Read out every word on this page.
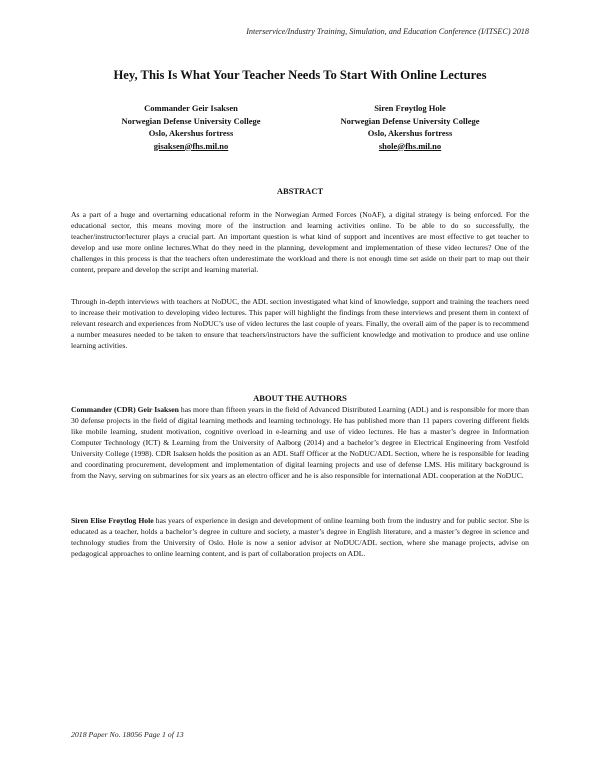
Interservice/Industry Training, Simulation, and Education Conference (I/ITSEC) 2018
Hey, This Is What Your Teacher Needs To Start With Online Lectures
Commander Geir Isaksen
Norwegian Defense University College
Oslo, Akershus fortress
gisaksen@fhs.mil.no
Siren Frøytlog Hole
Norwegian Defense University College
Oslo, Akershus fortress
shole@fhs.mil.no
ABSTRACT

As a part of a huge and overtarning educational reform in the Norwegian Armed Forces (NoAF), a digital strategy is being enforced. For the educational sector, this means moving more of the instruction and learning activities online. To be able to do so successfully, the teacher/instructor/lecturer plays a crucial part. An important question is what kind of support and incentives are most effective to get teacher to develop and use more online lectures.What do they need in the planning, development and implementation of these video lectures? One of the challenges in this process is that the teachers often underestimate the workload and there is not enough time set aside on their part to map out their content, prepare and develop the script and learning material.

Through in-depth interviews with teachers at NoDUC, the ADL section investigated what kind of knowledge, support and training the teachers need to increase their motivation to developing video lectures. This paper will highlight the findings from these interviews and present them in context of relevant research and experiences from NoDUC’s use of video lectures the last couple of years. Finally, the overall aim of the paper is to recommend a number measures needed to be taken to ensure that teachers/instructors have the sufficient knowledge and motivation to produce and use online learning activities.

ABOUT THE AUTHORS

Commander (CDR) Geir Isaksen has more than fifteen years in the field of Advanced Distributed Learning (ADL) and is responsible for more than 30 defense projects in the field of digital learning methods and learning technology. He has published more than 11 papers covering different fields like mobile learning, student motivation, cognitive overload in e-learning and use of video lectures. He has a master’s degree in Information Computer Technology (ICT) & Learning from the University of Aalborg (2014) and a bachelor’s degree in Electrical Engineering from Vestfold University College (1998). CDR Isaksen holds the position as an ADL Staff Officer at the NoDUC/ADL Section, where he is responsible for leading and coordinating procurement, development and implementation of digital learning projects and use of defense LMS. His military background is from the Navy, serving on submarines for six years as an electro officer and he is also responsible for international ADL cooperation at the NoDUC.

Siren Elise Frøytlog Hole has years of experience in design and development of online learning both from the industry and for public sector. She is educated as a teacher, holds a bachelor’s degree in culture and society, a master’s degree in English literature, and a master’s degree in science and technology studies from the University of Oslo. Hole is now a senior advisor at NoDUC/ADL section, where she manage projects, advise on pedagogical approaches to online learning content, and is part of collaboration projects on ADL.

2018 Paper No. 18056 Page 1 of 13
